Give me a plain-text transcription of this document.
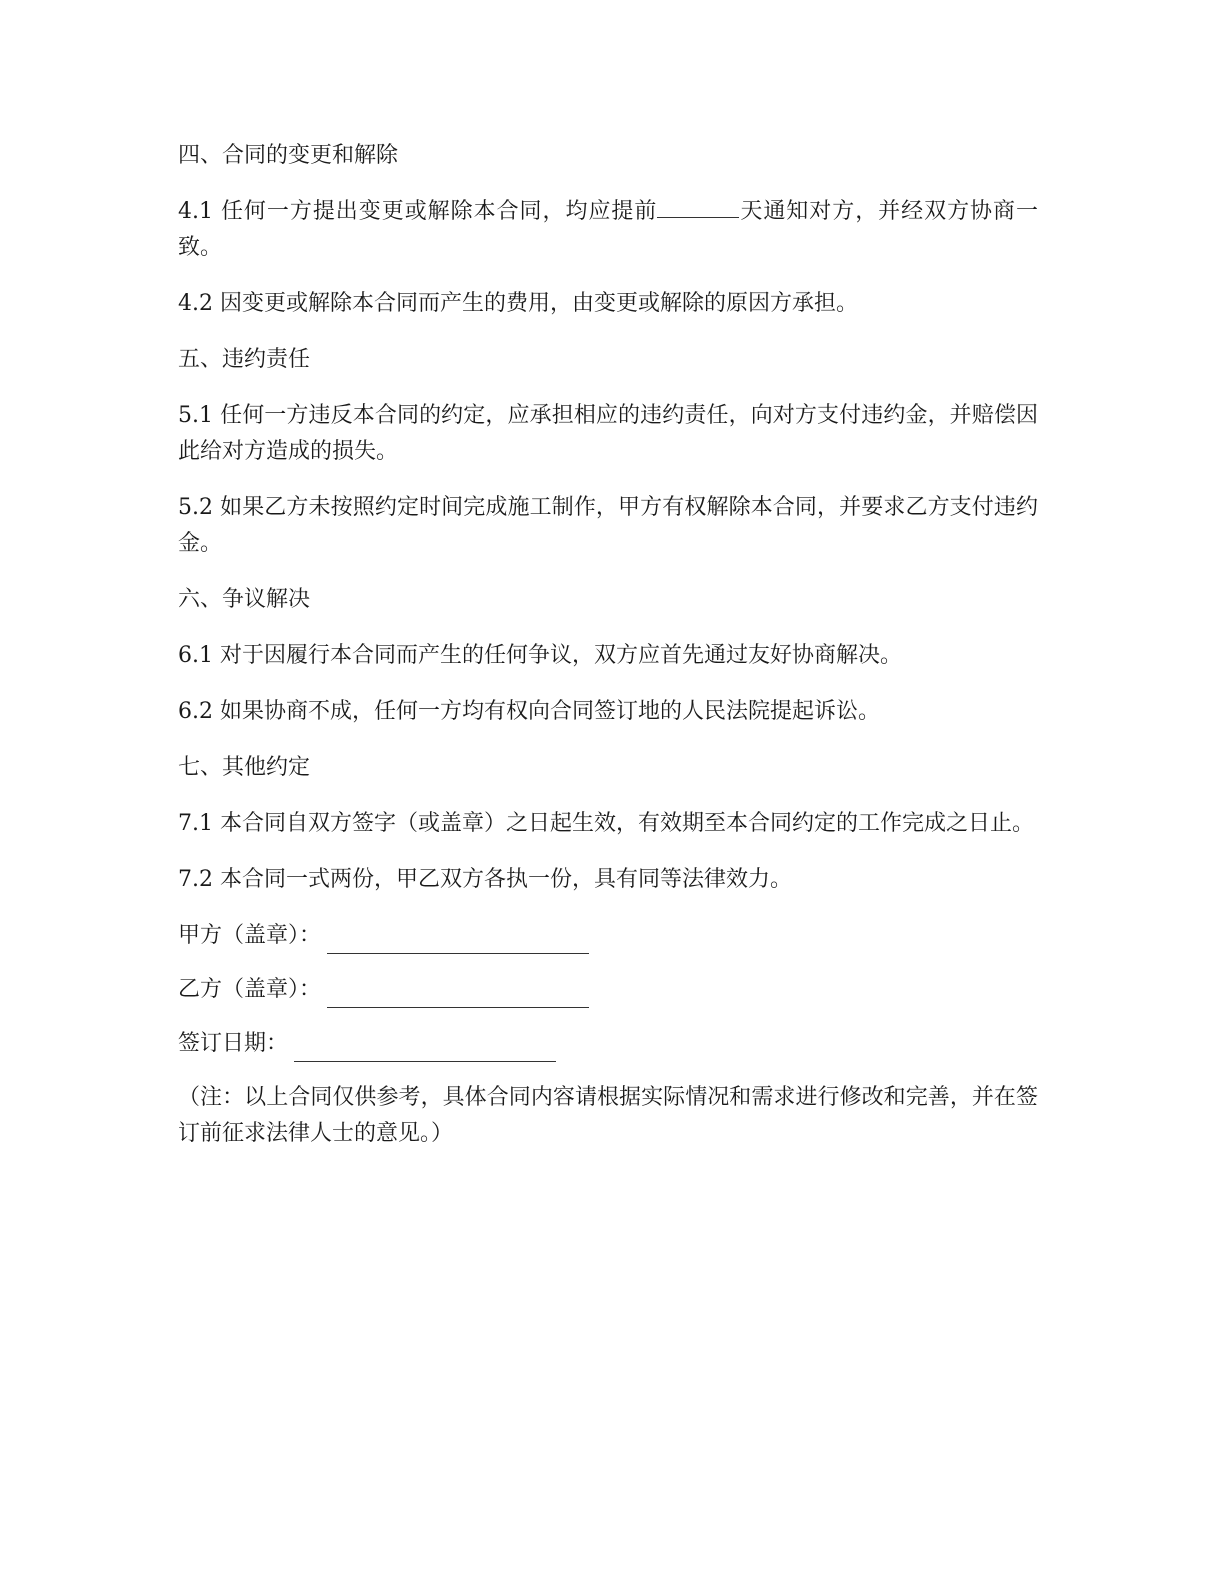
四、合同的变更和解除
4.1 任何一方提出变更或解除本合同，均应提前	天通知对方，并经双方协商一致。
4.2 因变更或解除本合同而产生的费用，由变更或解除的原因方承担。
五、违约责任
5.1 任何一方违反本合同的约定，应承担相应的违约责任，向对方支付违约金，并赔偿因此给对方造成的损失。
5.2 如果乙方未按照约定时间完成施工制作，甲方有权解除本合同，并要求乙方支付违约金。
六、争议解决
6.1 对于因履行本合同而产生的任何争议，双方应首先通过友好协商解决。
6.2 如果协商不成，任何一方均有权向合同签订地的人民法院提起诉讼。
七、其他约定
7.1 本合同自双方签字（或盖章）之日起生效，有效期至本合同约定的工作完成之日止。
7.2 本合同一式两份，甲乙双方各执一份，具有同等法律效力。
甲方（盖章）：
乙方（盖章）：
签订日期：
（注：以上合同仅供参考，具体合同内容请根据实际情况和需求进行修改和完善，并在签订前征求法律人士的意见。）
